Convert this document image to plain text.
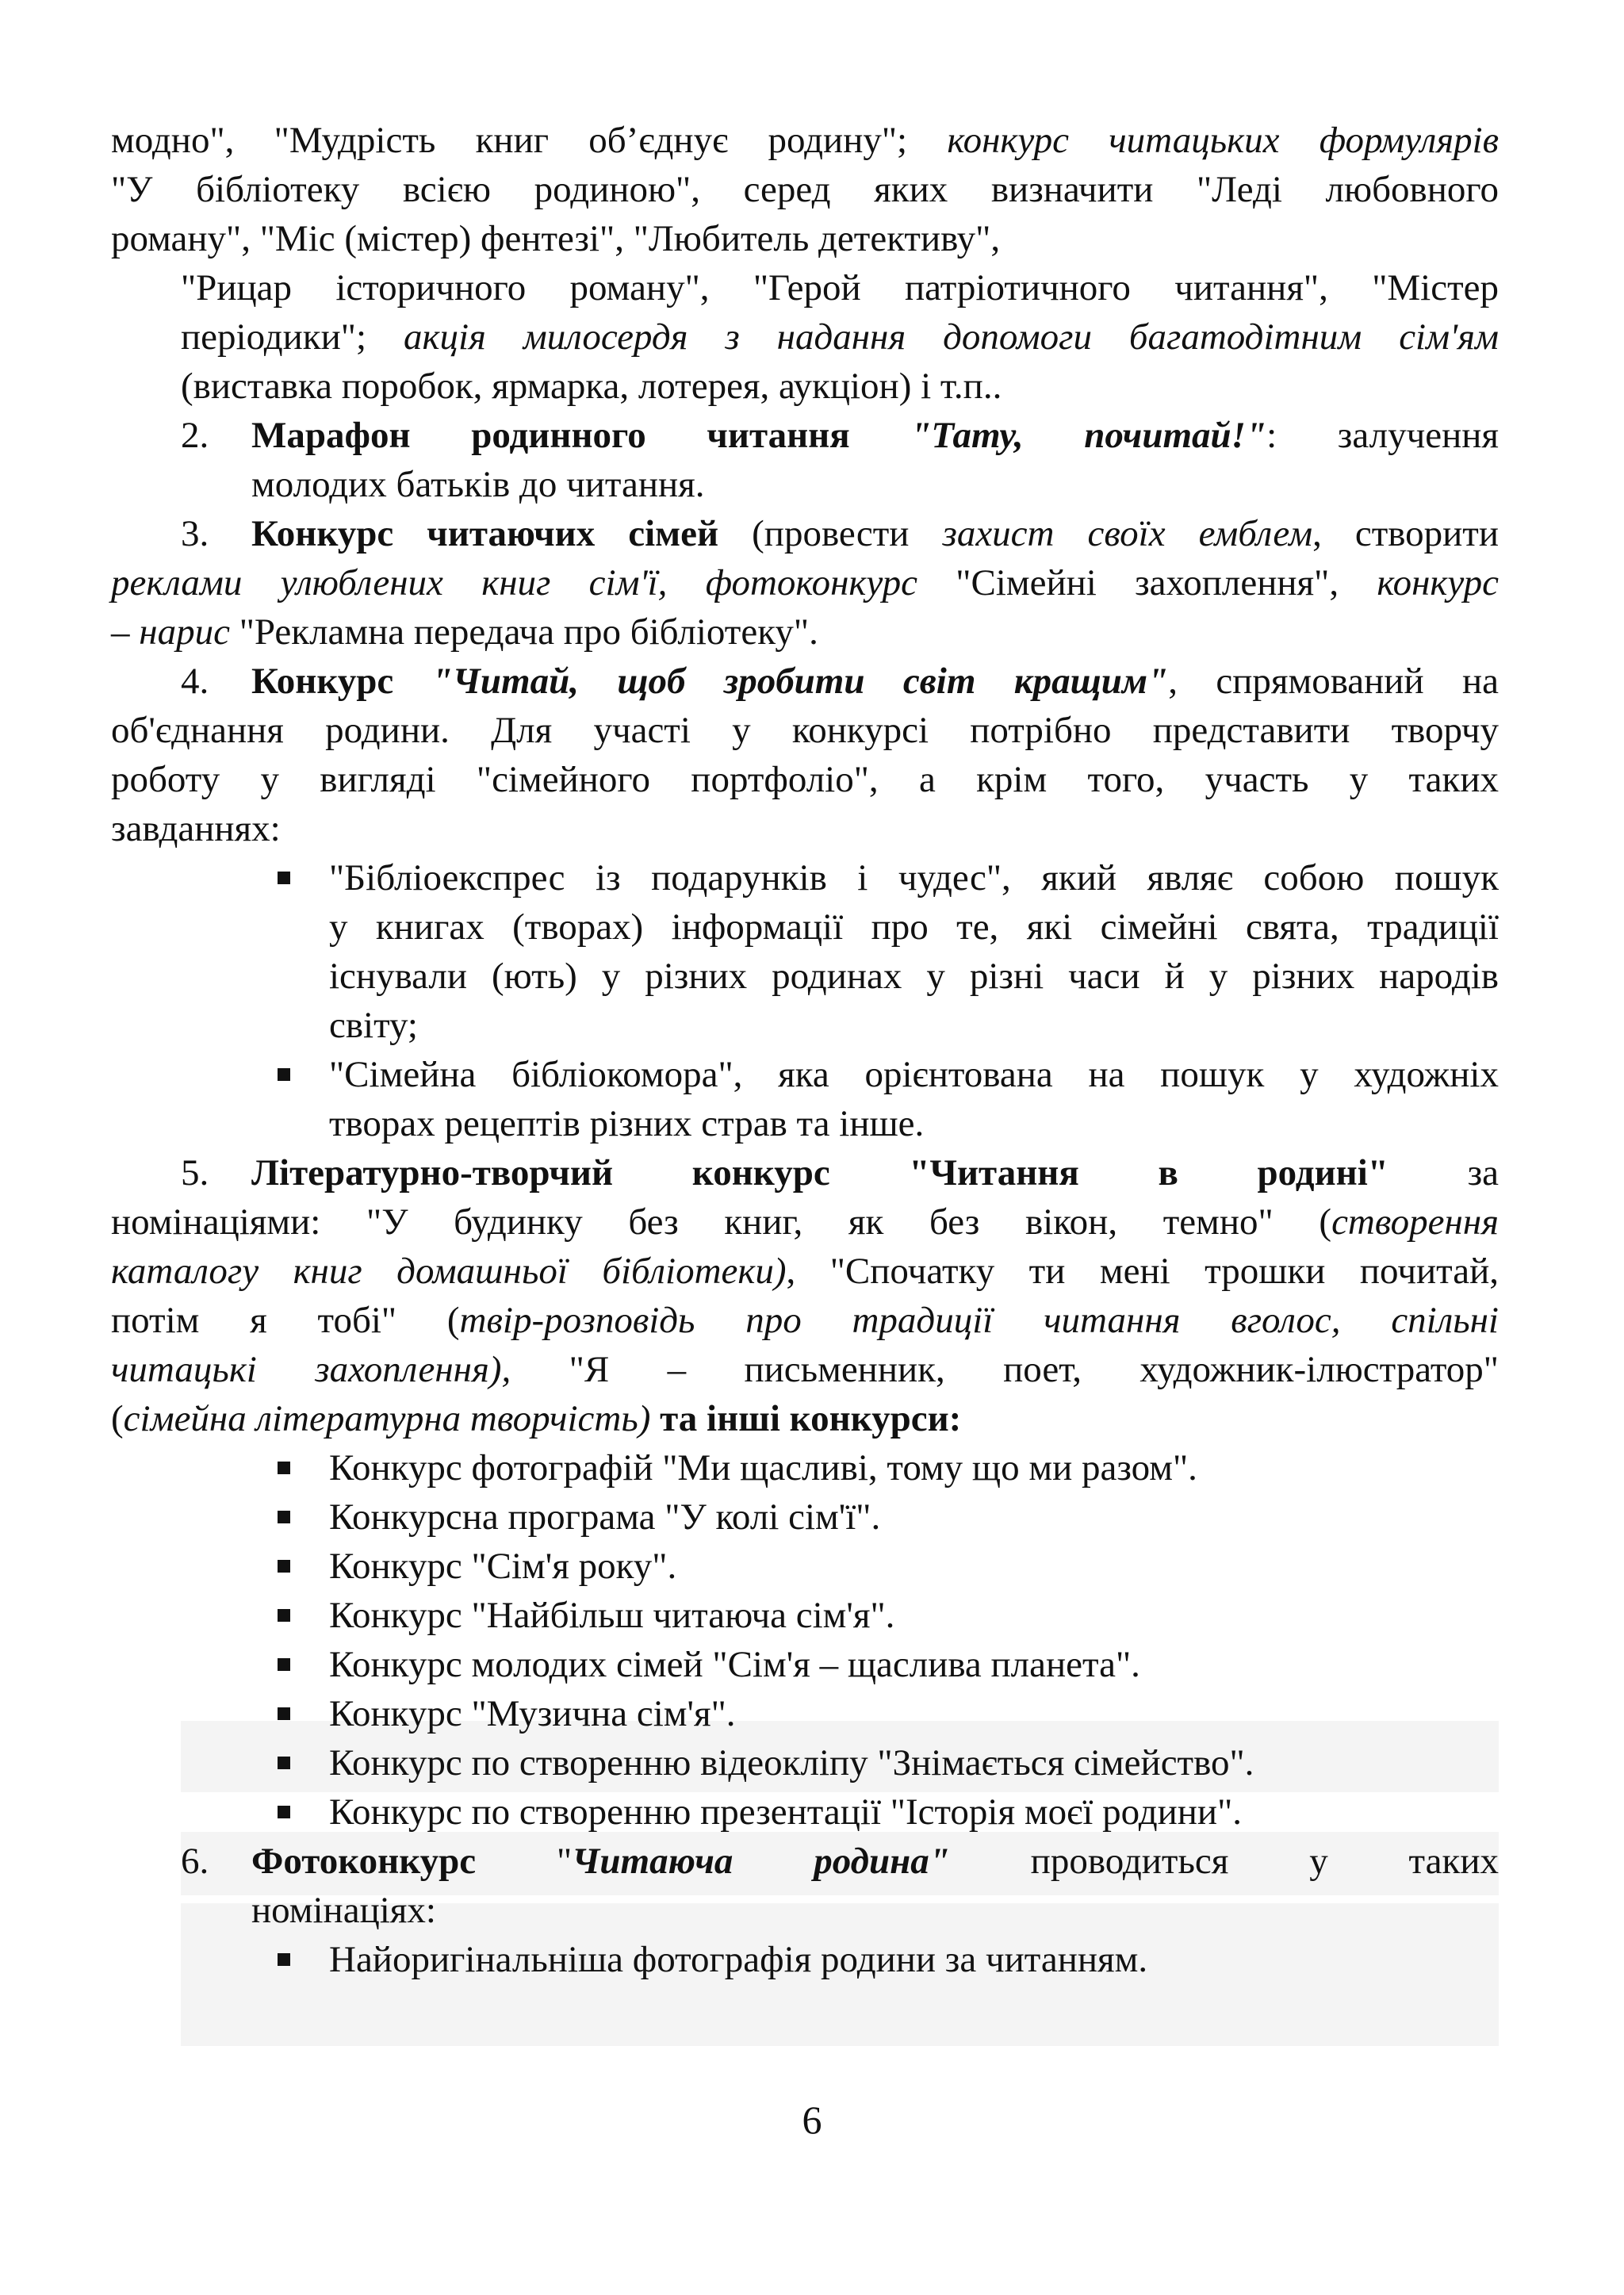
модно", "Мудрість книг об’єднує родину"; конкурс читацьких формулярів
"У бібліотеку всією родиною", серед яких визначити "Леді любовного
роману", "Міс (містер) фентезі", "Любитель детективу",
"Рицар історичного роману", "Герой патріотичного читання", "Містер
періодики"; акція милосердя з надання допомоги багатодітним сім'ям
(виставка поробок, ярмарка, лотерея, аукціон) і т.п..
2.	Марафон родинного читання "Тату, почитай!": залучення
молодих батьків до читання.
3.	Конкурс читаючих сімей (провести захист своїх емблем, створити
реклами улюблених книг сім'ї, фотоконкурс "Сімейні захоплення", конкурс
– нарис "Рекламна передача про бібліотеку".
4.	Конкурс "Читай, щоб зробити світ кращим", спрямований на
об'єднання родини. Для участі у конкурсі потрібно представити творчу
роботу у вигляді "сімейного портфоліо", а крім того, участь у таких
завданнях:
"Бібліоекспрес із подарунків і чудес", який являє собою пошук
у книгах (творах) інформації про те, які сімейні свята, традиції
існували (ють) у різних родинах у різні часи й у різних народів
світу;
"Сімейна бібліокомора", яка орієнтована на пошук у художніх
творах рецептів різних страв та інше.
5.	Літературно-творчий конкурс "Читання в родині" за
номінаціями: "У будинку без книг, як без вікон, темно" (створення
каталогу книг домашньої бібліотеки), "Спочатку ти мені трошки почитай,
потім я тобі" (твір-розповідь про традиції читання вголос, спільні
читацькі захоплення), "Я – письменник, поет, художник-ілюстратор"
(сімейна літературна творчість) та інші конкурси:
Конкурс фотографій "Ми щасливі, тому що ми разом".
Конкурсна програма "У колі сім'ї".
Конкурс "Сім'я року".
Конкурс "Найбільш читаюча сім'я".
Конкурс молодих сімей "Сім'я – щаслива планета".
Конкурс "Музична сім'я".
Конкурс по створенню відеокліпу "Знімається сімейство".
Конкурс по створенню презентації "Історія моєї родини".
6.	Фотоконкурс "Читаюча родина" проводиться у таких
номінаціях:
Найоригінальніша фотографія родини за читанням.
6
